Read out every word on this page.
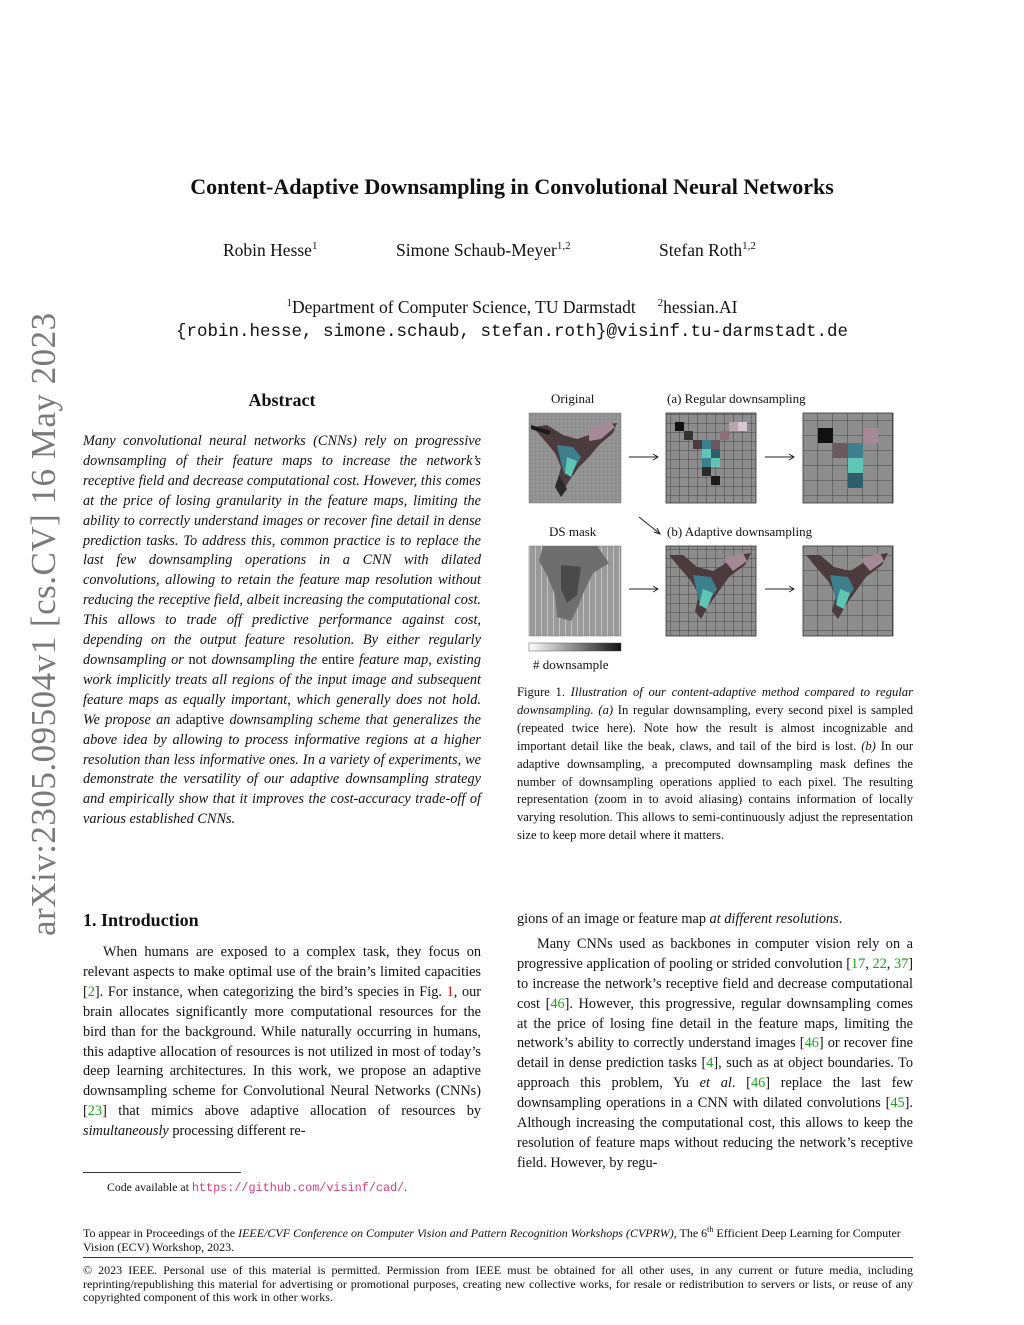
arXiv:2305.09504v1 [cs.CV] 16 May 2023
Content-Adaptive Downsampling in Convolutional Neural Networks
Robin Hesse$^1$	Simone Schaub-Meyer$^{1,2}$	Stefan Roth$^{1,2}$
$^1$Department of Computer Science, TU Darmstadt $^2$hessian.AI
{robin.hesse, simone.schaub, stefan.roth}@visinf.tu-darmstadt.de
Abstract
Many convolutional neural networks (CNNs) rely on progressive downsampling of their feature maps to increase the network’s receptive field and decrease computational cost. However, this comes at the price of losing granularity in the feature maps, limiting the ability to correctly understand images or recover fine detail in dense prediction tasks. To address this, common practice is to replace the last few downsampling operations in a CNN with dilated convolutions, allowing to retain the feature map resolution without reducing the receptive field, albeit increasing the computational cost. This allows to trade off predictive performance against cost, depending on the output feature resolution. By either regularly downsampling or not downsampling the entire feature map, existing work implicitly treats all regions of the input image and subsequent feature maps as equally important, which generally does not hold. We propose an adaptive downsampling scheme that generalizes the above idea by allowing to process informative regions at a higher resolution than less informative ones. In a variety of experiments, we demonstrate the versatility of our adaptive downsampling strategy and empirically show that it improves the cost-accuracy trade-off of various established CNNs.
Original	(a) Regular downsampling
DS mask	(b) Adaptive downsampling
# downsample
Figure 1. Illustration of our content-adaptive method compared to regular downsampling. (a) In regular downsampling, every second pixel is sampled (repeated twice here). Note how the result is almost incognizable and important detail like the beak, claws, and tail of the bird is lost. (b) In our adaptive downsampling, a precomputed downsampling mask defines the number of downsampling operations applied to each pixel. The resulting representation (zoom in to avoid aliasing) contains information of locally varying resolution. This allows to semi-continuously adjust the representation size to keep more detail where it matters.
1. Introduction

When humans are exposed to a complex task, they focus on relevant aspects to make optimal use of the brain’s limited capacities [2]. For instance, when categorizing the bird’s species in Fig. 1, our brain allocates significantly more computational resources for the bird than for the background. While naturally occurring in humans, this adaptive allocation of resources is not utilized in most of today’s deep learning architectures. In this work, we propose an adaptive downsampling scheme for Convolutional Neural Networks (CNNs) [23] that mimics above adaptive allocation of resources by simultaneously processing different re-

Code available at https://github.com/visinf/cad/.

gions of an image or feature map at different resolutions.

Many CNNs used as backbones in computer vision rely on a progressive application of pooling or strided convolution [17, 22, 37] to increase the network’s receptive field and decrease computational cost [46]. However, this progressive, regular downsampling comes at the price of losing fine detail in the feature maps, limiting the network’s ability to correctly understand images [46] or recover fine detail in dense prediction tasks [4], such as at object boundaries. To approach this problem, Yu et al. [46] replace the last few downsampling operations in a CNN with dilated convolutions [45]. Although increasing the computational cost, this allows to keep the resolution of feature maps without reducing the network’s receptive field. However, by regu-

To appear in Proceedings of the IEEE/CVF Conference on Computer Vision and Pattern Recognition Workshops (CVPRW), The 6th Efficient Deep Learning for Computer Vision (ECV) Workshop, 2023.
© 2023 IEEE. Personal use of this material is permitted. Permission from IEEE must be obtained for all other uses, in any current or future media, including reprinting/republishing this material for advertising or promotional purposes, creating new collective works, for resale or redistribution to servers or lists, or reuse of any copyrighted component of this work in other works.
